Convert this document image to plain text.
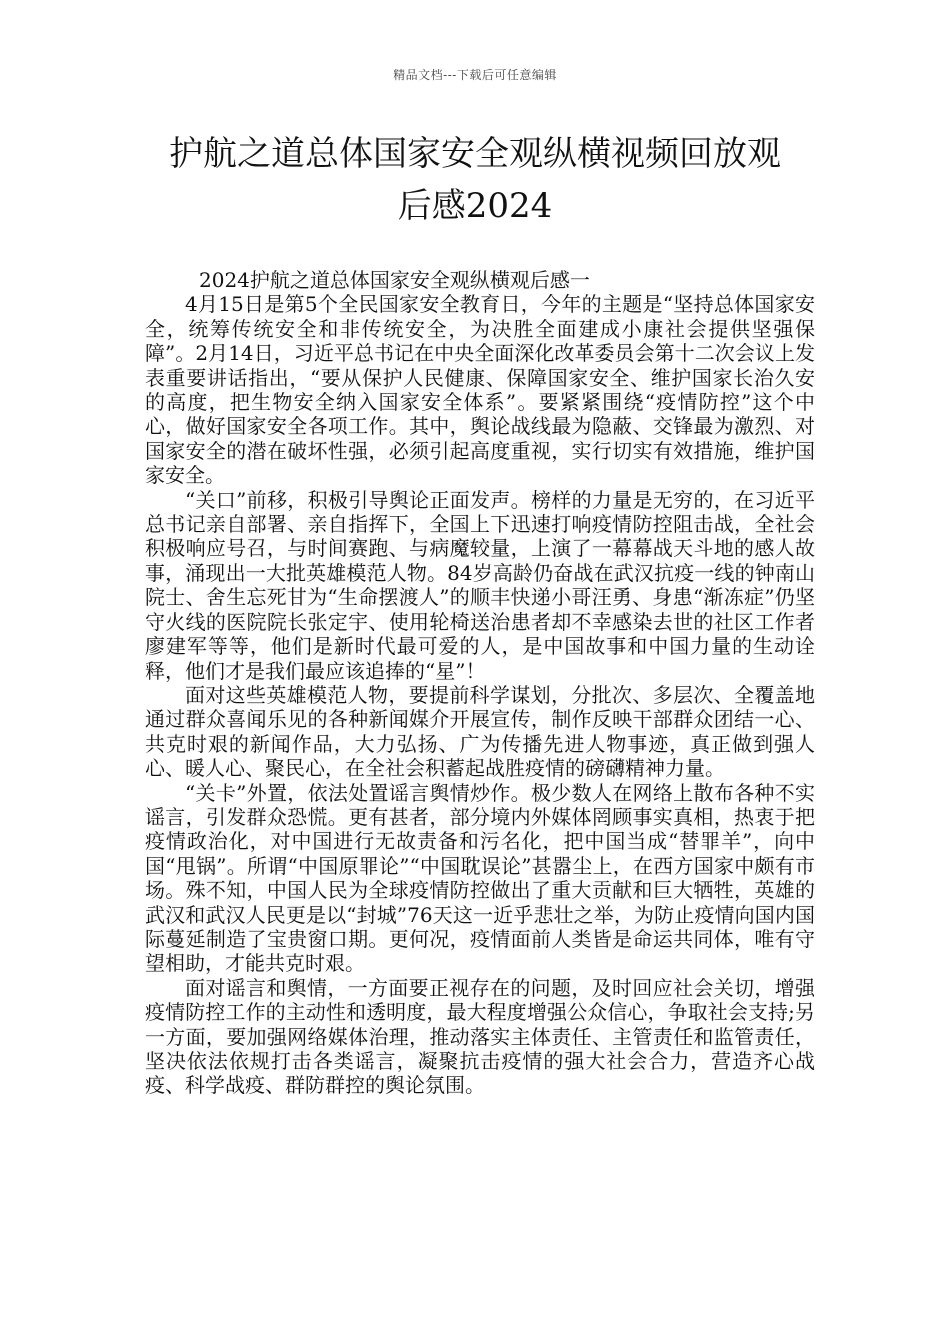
精品文档---下载后可任意编辑
护航之道总体国家安全观纵横视频回放观
后感2024

2024护航之道总体国家安全观纵横观后感一

4月15日是第5个全民国家安全教育日，今年的主题是“坚持总体国家安全，统筹传统安全和非传统安全，为决胜全面建成小康社会提供坚强保障”。2月14日，习近平总书记在中央全面深化改革委员会第十二次会议上发表重要讲话指出，“要从保护人民健康、保障国家安全、维护国家长治久安的高度，把生物安全纳入国家安全体系”。要紧紧围绕“疫情防控”这个中心，做好国家安全各项工作。其中，舆论战线最为隐蔽、交锋最为激烈、对国家安全的潜在破坏性强，必须引起高度重视，实行切实有效措施，维护国家安全。

“关口”前移，积极引导舆论正面发声。榜样的力量是无穷的，在习近平总书记亲自部署、亲自指挥下，全国上下迅速打响疫情防控阻击战，全社会积极响应号召，与时间赛跑、与病魔较量，上演了一幕幕战天斗地的感人故事，涌现出一大批英雄模范人物。84岁高龄仍奋战在武汉抗疫一线的钟南山院士、舍生忘死甘为“生命摆渡人”的顺丰快递小哥汪勇、身患“渐冻症”仍坚守火线的医院院长张定宇、使用轮椅送治患者却不幸感染去世的社区工作者廖建军等等，他们是新时代最可爱的人，是中国故事和中国力量的生动诠释，他们才是我们最应该追捧的“星”！

面对这些英雄模范人物，要提前科学谋划，分批次、多层次、全覆盖地通过群众喜闻乐见的各种新闻媒介开展宣传，制作反映干部群众团结一心、共克时艰的新闻作品，大力弘扬、广为传播先进人物事迹，真正做到强人心、暖人心、聚民心，在全社会积蓄起战胜疫情的磅礴精神力量。

“关卡”外置，依法处置谣言舆情炒作。极少数人在网络上散布各种不实谣言，引发群众恐慌。更有甚者，部分境内外媒体罔顾事实真相，热衷于把疫情政治化，对中国进行无故责备和污名化，把中国当成“替罪羊”，向中国“甩锅”。所谓“中国原罪论”“中国耽误论”甚嚣尘上，在西方国家中颇有市场。殊不知，中国人民为全球疫情防控做出了重大贡献和巨大牺牲，英雄的武汉和武汉人民更是以“封城”76天这一近乎悲壮之举，为防止疫情向国内国际蔓延制造了宝贵窗口期。更何况，疫情面前人类皆是命运共同体，唯有守望相助，才能共克时艰。

面对谣言和舆情，一方面要正视存在的问题，及时回应社会关切，增强疫情防控工作的主动性和透明度，最大程度增强公众信心，争取社会支持;另一方面，要加强网络媒体治理，推动落实主体责任、主管责任和监管责任，坚决依法依规打击各类谣言，凝聚抗击疫情的强大社会合力，营造齐心战疫、科学战疫、群防群控的舆论氛围。
